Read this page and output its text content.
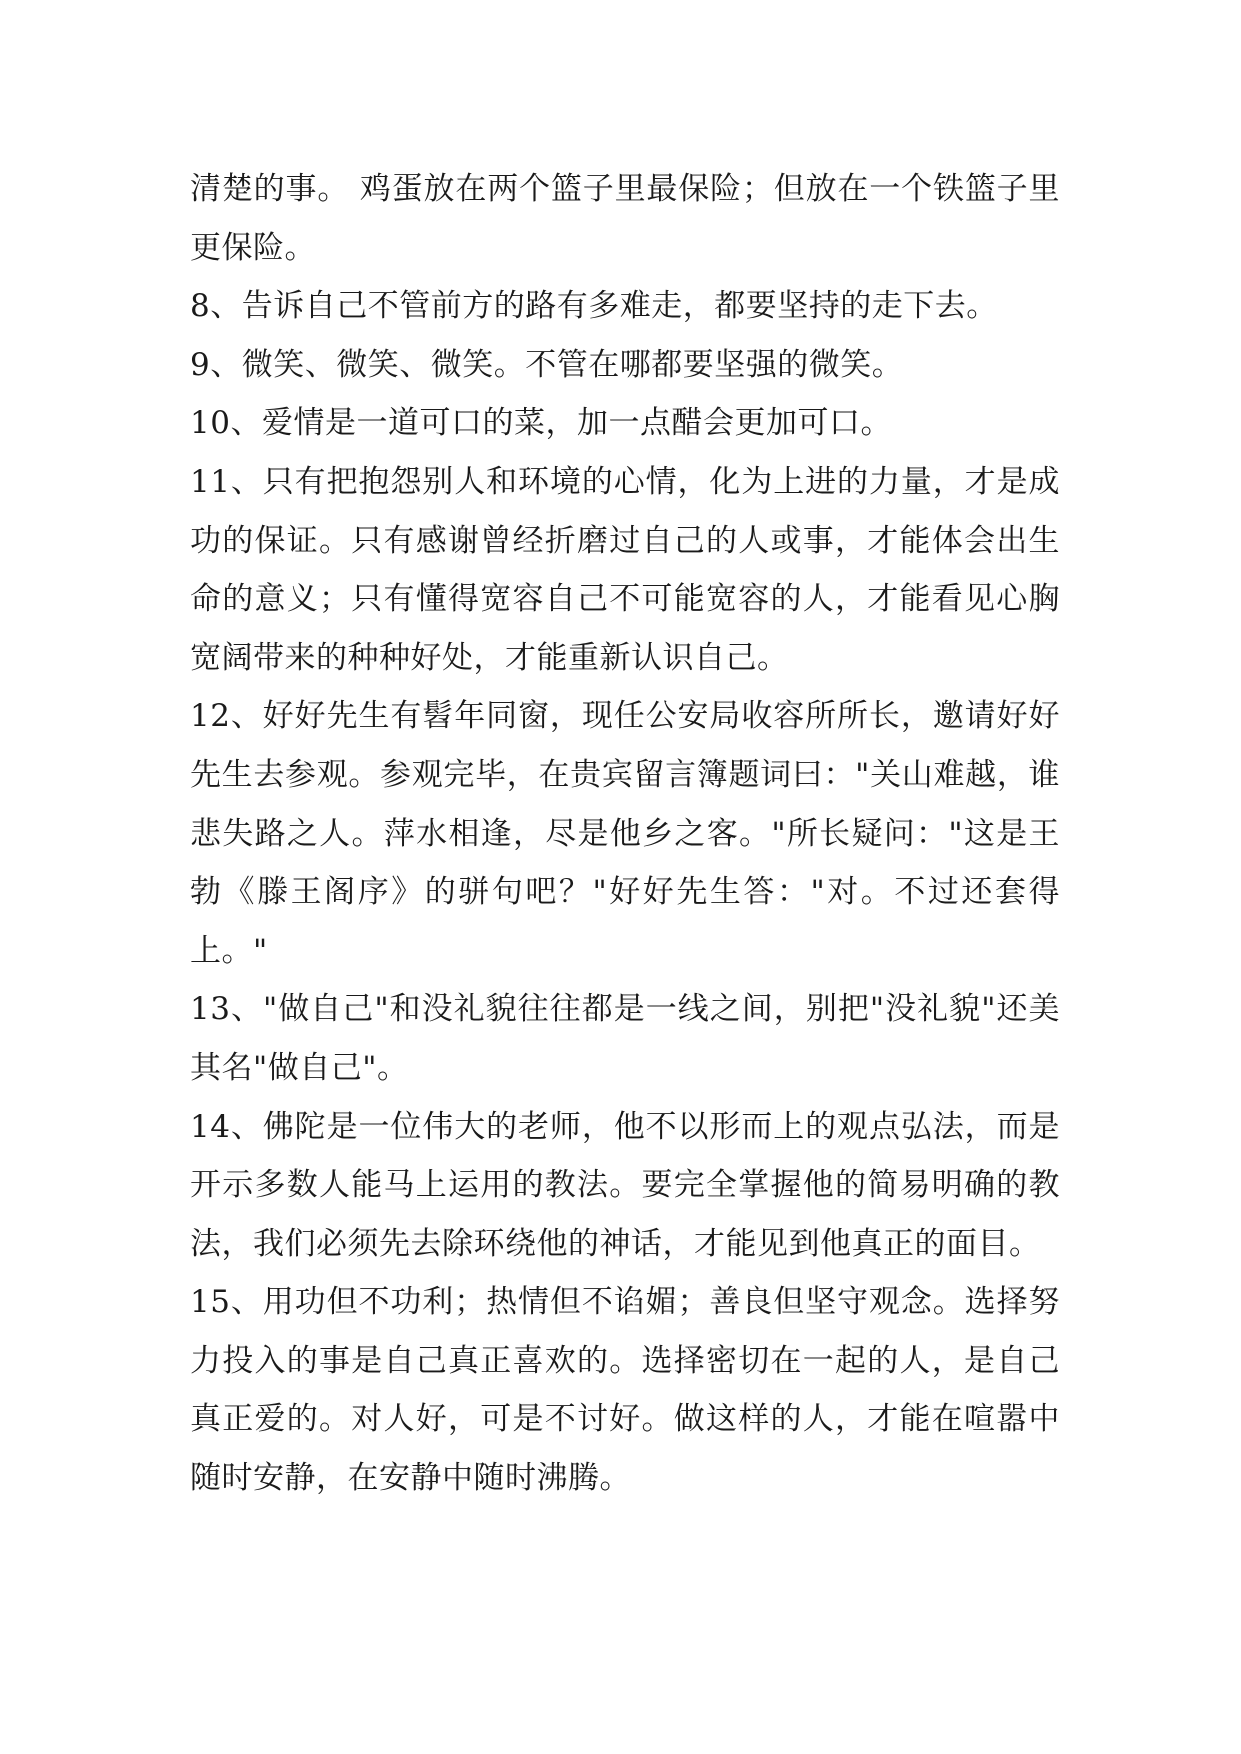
清楚的事。 鸡蛋放在两个篮子里最保险；但放在一个铁篮子里更保险。

8、告诉自己不管前方的路有多难走，都要坚持的走下去。

9、微笑、微笑、微笑。不管在哪都要坚强的微笑。

10、爱情是一道可口的菜，加一点醋会更加可口。

11、只有把抱怨别人和环境的心情，化为上进的力量，才是成功的保证。只有感谢曾经折磨过自己的人或事，才能体会出生命的意义；只有懂得宽容自己不可能宽容的人，才能看见心胸宽阔带来的种种好处，才能重新认识自己。

12、好好先生有髫年同窗，现任公安局收容所所长，邀请好好先生去参观。参观完毕，在贵宾留言簿题词曰："关山难越，谁悲失路之人。萍水相逢，尽是他乡之客。"所长疑问："这是王勃《滕王阁序》的骈句吧？"好好先生答："对。不过还套得上。"

13、"做自己"和没礼貌往往都是一线之间，别把"没礼貌"还美其名"做自己"。

14、佛陀是一位伟大的老师，他不以形而上的观点弘法，而是开示多数人能马上运用的教法。要完全掌握他的简易明确的教法，我们必须先去除环绕他的神话，才能见到他真正的面目。

15、用功但不功利；热情但不谄媚；善良但坚守观念。选择努力投入的事是自己真正喜欢的。选择密切在一起的人，是自己真正爱的。对人好，可是不讨好。做这样的人，才能在喧嚣中随时安静，在安静中随时沸腾。
